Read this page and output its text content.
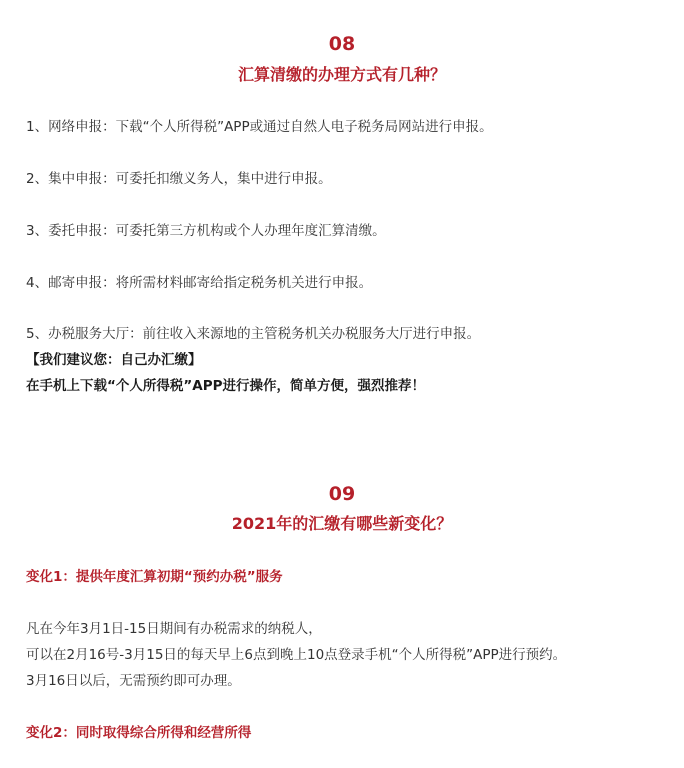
08
汇算清缴的办理方式有几种？
1、网络申报：下载“个人所得税”APP或通过自然人电子税务局网站进行申报。
2、集中申报：可委托扣缴义务人，集中进行申报。
3、委托申报：可委托第三方机构或个人办理年度汇算清缴。
4、邮寄申报：将所需材料邮寄给指定税务机关进行申报。
5、办税服务大厅：前往收入来源地的主管税务机关办税服务大厅进行申报。
【我们建议您：自己办汇缴】
在手机上下载“个人所得税”APP进行操作，简单方便，强烈推荐！
09
2021年的汇缴有哪些新变化？
变化1：提供年度汇算初期“预约办税”服务
凡在今年3月1日-15日期间有办税需求的纳税人，
可以在2月16号-3月15日的每天早上6点到晚上10点登录手机“个人所得税”APP进行预约。
3月16日以后，无需预约即可办理。
变化2：同时取得综合所得和经营所得
